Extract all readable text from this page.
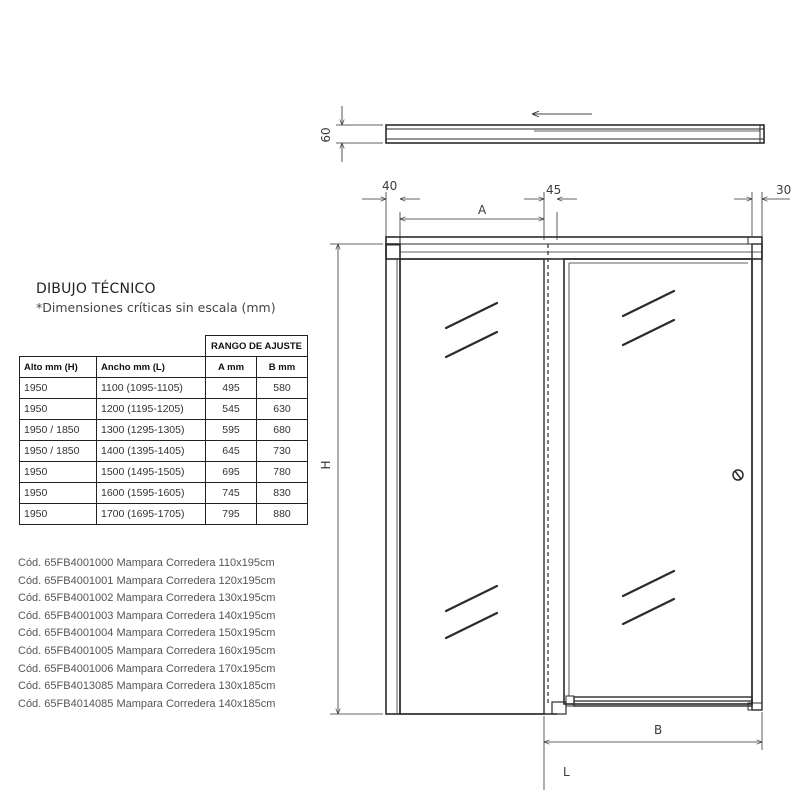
60
40
A
45	30
H
B
L
DIBUJO TÉCNICO
*Dimensiones críticas sin escala (mm)
		RANGO DE AJUSTE	
Alto mm (H)	Ancho mm (L)	A mm	B mm
1950	1100 (1095-1105)	495	580
1950	1200 (1195-1205)	545	630
1950 / 1850	1300 (1295-1305)	595	680
1950 / 1850	1400 (1395-1405)	645	730
1950	1500 (1495-1505)	695	780
1950	1600 (1595-1605)	745	830
1950	1700 (1695-1705)	795	880
Cód. 65FB4001000 Mampara Corredera 110x195cm
Cód. 65FB4001001 Mampara Corredera 120x195cm
Cód. 65FB4001002 Mampara Corredera 130x195cm
Cód. 65FB4001003 Mampara Corredera 140x195cm
Cód. 65FB4001004 Mampara Corredera 150x195cm
Cód. 65FB4001005 Mampara Corredera 160x195cm
Cód. 65FB4001006 Mampara Corredera 170x195cm
Cód. 65FB4013085 Mampara Corredera 130x185cm
Cód. 65FB4014085 Mampara Corredera 140x185cm
